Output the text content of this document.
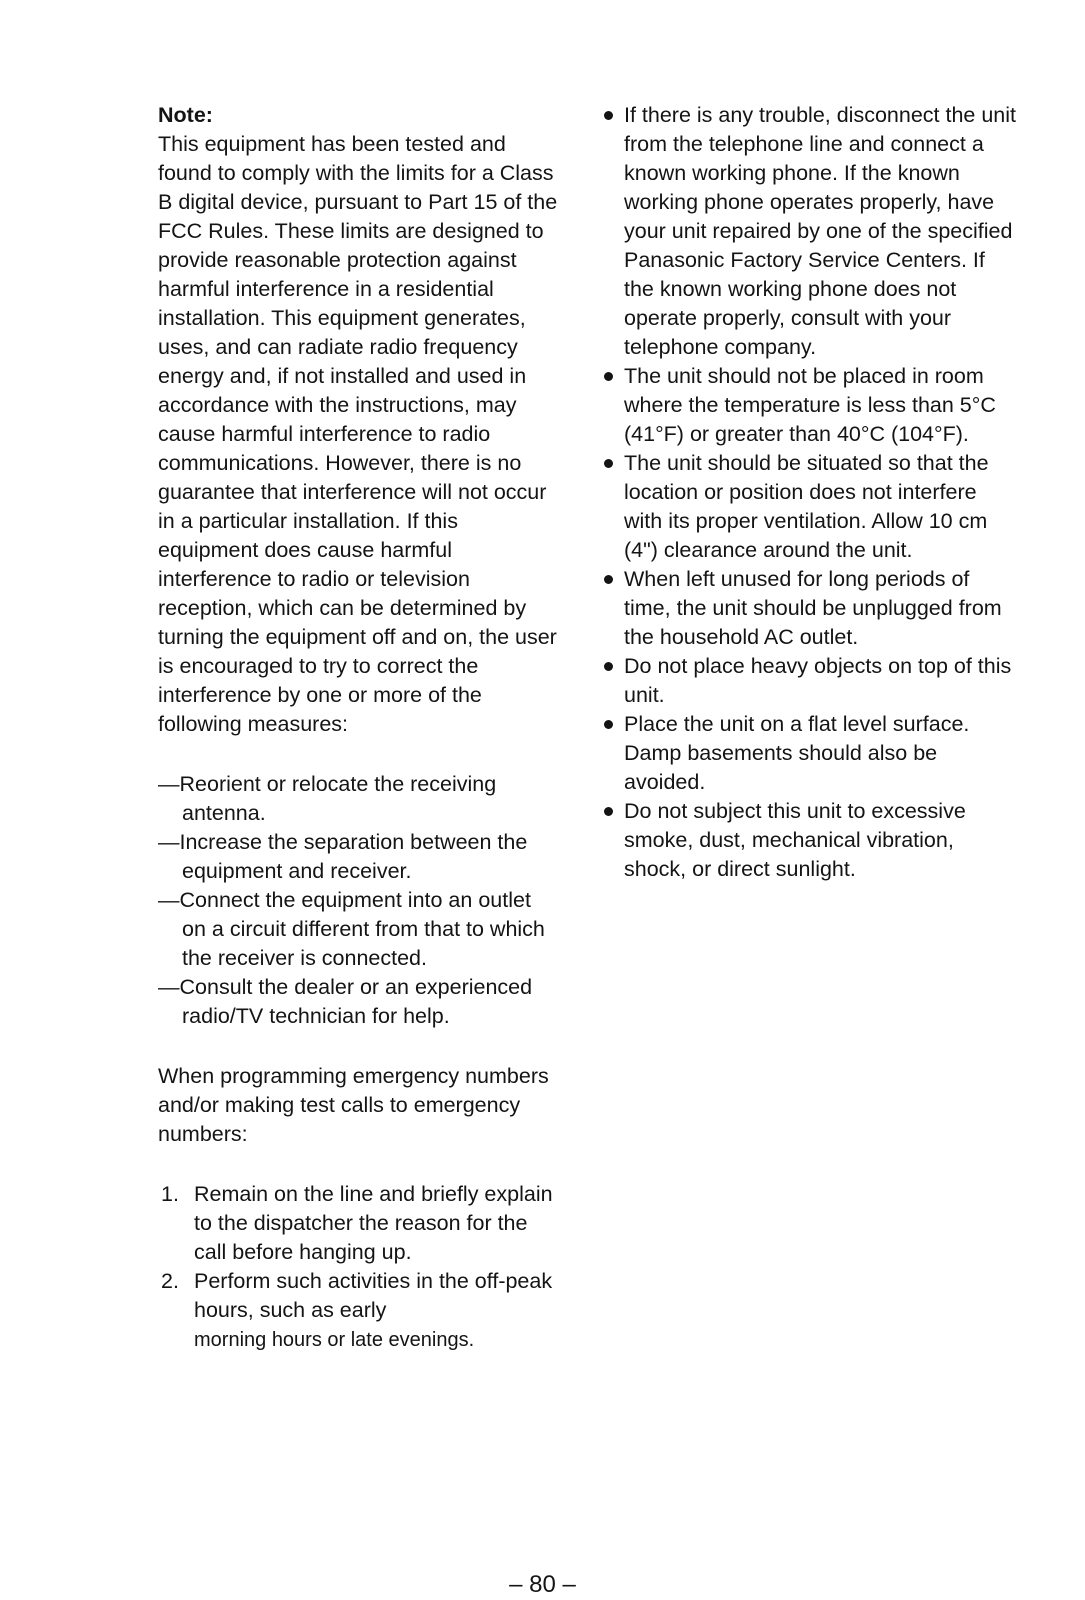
Note:

This equipment has been tested and found to comply with the limits for a Class B digital device, pursuant to Part 15 of the FCC Rules. These limits are designed to provide reasonable protection against harmful interference in a residential installation. This equipment generates, uses, and can radiate radio frequency energy and, if not installed and used in accordance with the instructions, may cause harmful interference to radio communications. However, there is no guarantee that interference will not occur in a particular installation. If this equipment does cause harmful interference to radio or television reception, which can be determined by turning the equipment off and on, the user is encouraged to try to correct the interference by one or more of the following measures:

—Reorient or relocate the receiving antenna.
—Increase the separation between the equipment and receiver.
—Connect the equipment into an outlet on a circuit different from that to which the receiver is connected.
—Consult the dealer or an experienced radio/TV technician for help.

When programming emergency numbers and/or making test calls to emergency numbers:

1. Remain on the line and briefly explain to the dispatcher the reason for the call before hanging up.
2. Perform such activities in the off-peak hours, such as early
morning hours or late evenings.
If there is any trouble, disconnect the unit from the telephone line and connect a known working phone. If the known working phone operates properly, have your unit repaired by one of the specified Panasonic Factory Service Centers. If the known working phone does not operate properly, consult with your telephone company.
The unit should not be placed in room where the temperature is less than 5°C (41°F) or greater than 40°C (104°F).
The unit should be situated so that the location or position does not interfere with its proper ventilation. Allow 10 cm (4") clearance around the unit.
When left unused for long periods of time, the unit should be unplugged from the household AC outlet.
Do not place heavy objects on top of this unit.
Place the unit on a flat level surface. Damp basements should also be avoided.
Do not subject this unit to excessive smoke, dust, mechanical vibration, shock, or direct sunlight.
– 80 –
